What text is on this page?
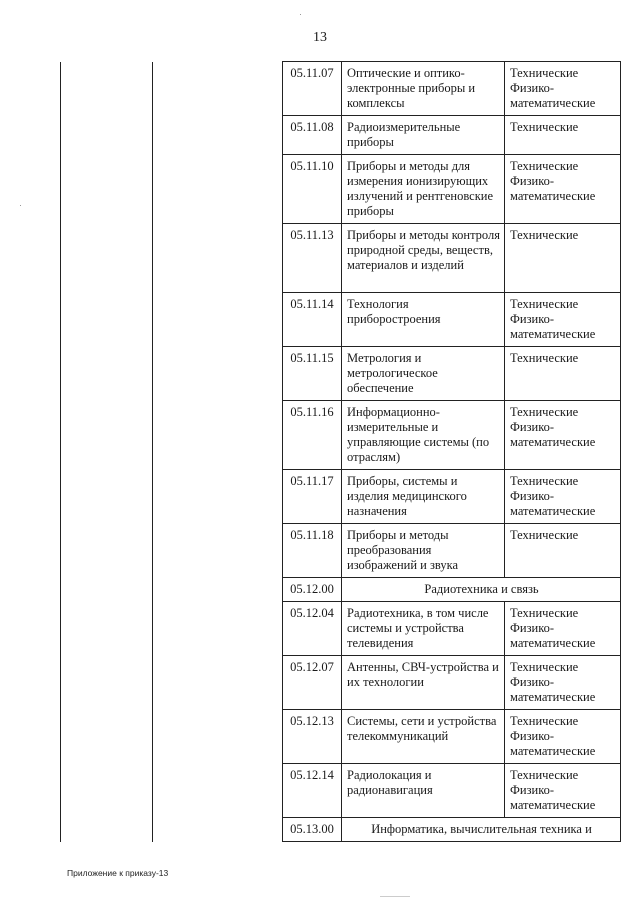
13
		05.11.07	Оптические и оптико-электронные приборы и комплексы	Технические
Физико-
математические

		05.11.08	Радиоизмерительные приборы	Технические

		05.11.10	Приборы и методы для измерения ионизирующих излучений и рентгеновские приборы	Технические
Физико-
математические

		05.11.13	Приборы и методы контроля природной среды, веществ, материалов и изделий	Технические

		05.11.14	Технология приборостроения	Технические
Физико-
математические

		05.11.15	Метрология и метрологическое обеспечение	Технические

		05.11.16	Информационно-измерительные и управляющие системы (по отраслям)	Технические
Физико-
математические

		05.11.17	Приборы, системы и изделия медицинского назначения	Технические
Физико-
математические

		05.11.18	Приборы и методы преобразования изображений и звука	Технические

		05.12.00	Радиотехника и связь	
		05.12.04	Радиотехника, в том числе системы и устройства телевидения	Технические
Физико-
математические

		05.12.07	Антенны, СВЧ-устройства и их технологии	Технические
Физико-
математические

		05.12.13	Системы, сети и устройства телекоммуникаций	Технические
Физико-
математические

		05.12.14	Радиолокация и радионавигация	Технические
Физико-
математические

		05.13.00	Информатика, вычислительная техника и	
Приложение к приказу-13
